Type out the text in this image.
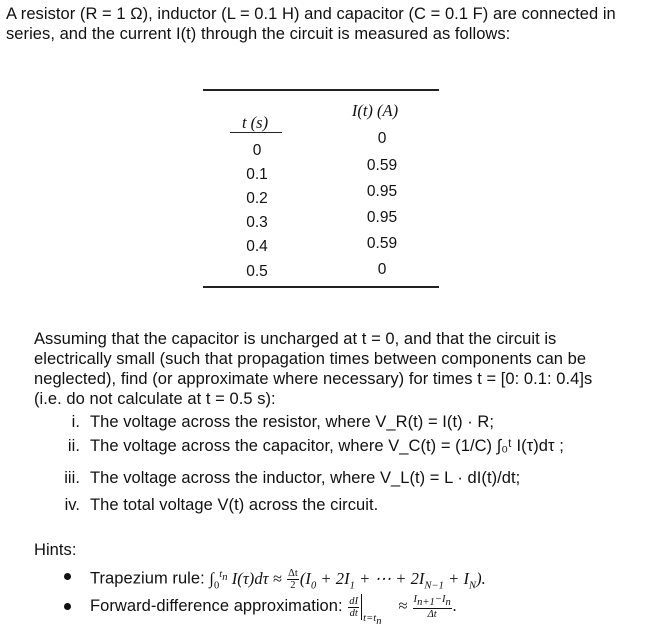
A resistor (R = 1 Ω), inductor (L = 0.1 H) and capacitor (C = 0.1 F) are connected in
series, and the current I(t) through the circuit is measured as follows:
t (s)
I(t) (A)
0
0.1
0.2
0.3
0.4
0.5
0
0.59
0.95
0.95
0.59
0
Assuming that the capacitor is uncharged at t = 0, and that the circuit is
electrically small (such that propagation times between components can be
neglected), find (or approximate where necessary) for times t = [0: 0.1: 0.4]s
(i.e. do not calculate at t = 0.5 s):
i. The voltage across the resistor, where V_R(t) = I(t) · R;
ii. The voltage across the capacitor, where V_C(t) = (1/C) ∫₀ᵗ I(τ)dτ ;
iii. The voltage across the inductor, where V_L(t) = L · dI(t)/dt;
iv. The total voltage V(t) across the circuit.
Hints:
Trapezium rule: $\int_0^{t_n}$ $I(\tau)d\tau \approx \frac{\Delta t}{2} (I_0 + 2I_1$ + ⋯ + $2I_{N-1} + I_N$).
Forward-difference approximation: $\frac{dI}{dt}$
$_{t=t_n}$    ≈ $\frac{I_{n+1}-I_n}{\Delta t}$ .
